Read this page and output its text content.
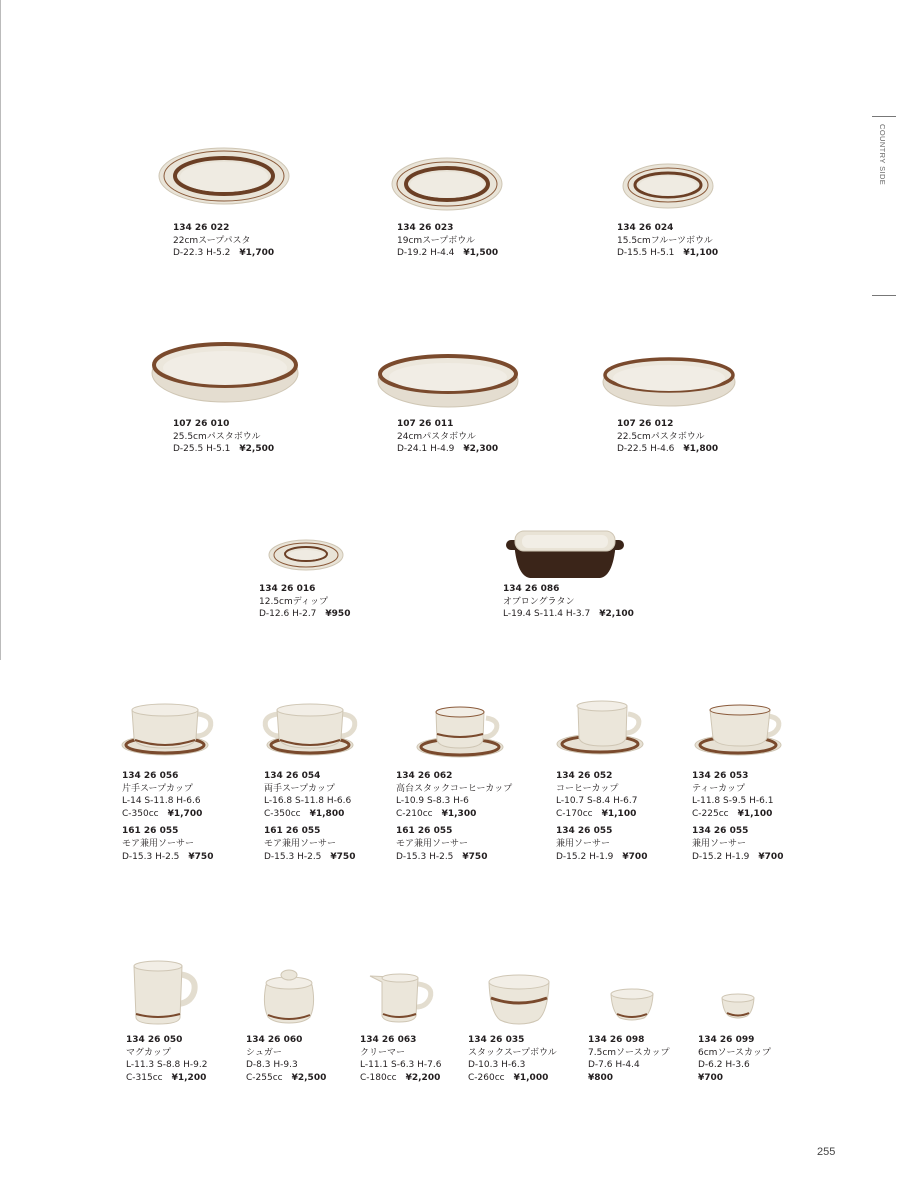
COUNTRY SIDE
134 26 022
22cmスープパスタ
D-22.3 H-5.2 ¥1,700
134 26 023
19cmスープボウル
D-19.2 H-4.4 ¥1,500
134 26 024
15.5cmフルーツボウル
D-15.5 H-5.1 ¥1,100
107 26 010
25.5cmパスタボウル
D-25.5 H-5.1 ¥2,500
107 26 011
24cmパスタボウル
D-24.1 H-4.9 ¥2,300
107 26 012
22.5cmパスタボウル
D-22.5 H-4.6 ¥1,800
134 26 016
12.5cmディップ
D-12.6 H-2.7 ¥950
134 26 086
オブロングラタン
L-19.4 S-11.4 H-3.7 ¥2,100
134 26 056
片手スープカップ
L-14 S-11.8 H-6.6
C-350cc ¥1,700
161 26 055
モア兼用ソーサー
D-15.3 H-2.5 ¥750
134 26 054
両手スープカップ
L-16.8 S-11.8 H-6.6
C-350cc ¥1,800
161 26 055
モア兼用ソーサー
D-15.3 H-2.5 ¥750
134 26 062
高台スタックコーヒーカップ
L-10.9 S-8.3 H-6
C-210cc ¥1,300
161 26 055
モア兼用ソーサー
D-15.3 H-2.5 ¥750
134 26 052
コーヒーカップ
L-10.7 S-8.4 H-6.7
C-170cc ¥1,100
134 26 055
兼用ソーサー
D-15.2 H-1.9 ¥700
134 26 053
ティーカップ
L-11.8 S-9.5 H-6.1
C-225cc ¥1,100
134 26 055
兼用ソーサー
D-15.2 H-1.9 ¥700
134 26 050
マグカップ
L-11.3 S-8.8 H-9.2
C-315cc ¥1,200
134 26 060
シュガー
D-8.3 H-9.3
C-255cc ¥2,500
134 26 063
クリーマー
L-11.1 S-6.3 H-7.6
C-180cc ¥2,200
134 26 035
スタックスープボウル
D-10.3 H-6.3
C-260cc ¥1,000
134 26 098
7.5cmソースカップ
D-7.6 H-4.4
¥800
134 26 099
6cmソースカップ
D-6.2 H-3.6
¥700
255
